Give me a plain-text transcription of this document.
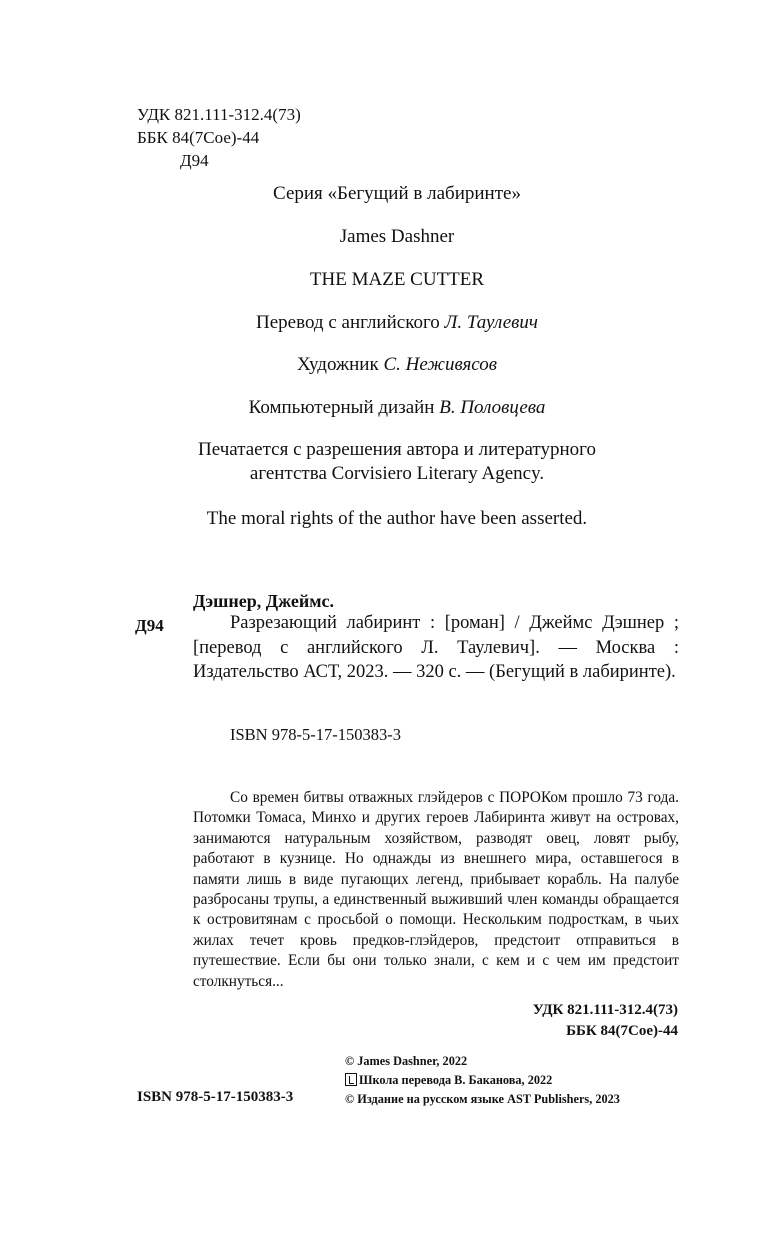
УДК 821.111-312.4(73)
ББК 84(7Сое)-44
Д94
Серия «Бегущий в лабиринте»
James Dashner
THE MAZE CUTTER
Перевод с английского Л. Таулевич
Художник С. Неживясов
Компьютерный дизайн В. Половцева
Печатается с разрешения автора и литературного
агентства Corvisiero Literary Agency.
The moral rights of the author have been asserted.
Дэшнер, Джеймс.
Д94	Разрезающий лабиринт : [роман] / Джеймс Дэшнер ; [перевод с английского Л. Таулевич]. — Москва : Издательство АСТ, 2023. — 320 с. — (Бегущий в лабиринте).
ISBN 978-5-17-150383-3
Со времен битвы отважных глэйдеров с ПОРОКом прошло 73 года. Потомки Томаса, Минхо и других героев Лабиринта живут на островах, занимаются натуральным хозяйством, разводят овец, ловят рыбу, работают в кузнице. Но однажды из внешнего мира, оставшегося в памяти лишь в виде пугающих легенд, прибывает корабль. На палубе разбросаны трупы, а единственный выживший член команды обращается к островитянам с просьбой о помощи. Нескольким подросткам, в чьих жилах течет кровь предков-глэйдеров, предстоит отправиться в путешествие. Если бы они только знали, с кем и с чем им предстоит столкнуться...
УДК 821.111-312.4(73)
ББК 84(7Сое)-44
© James Dashner, 2022
Школа перевода В. Баканова, 2022
© Издание на русском языке AST Publishers, 2023
ISBN 978-5-17-150383-3
